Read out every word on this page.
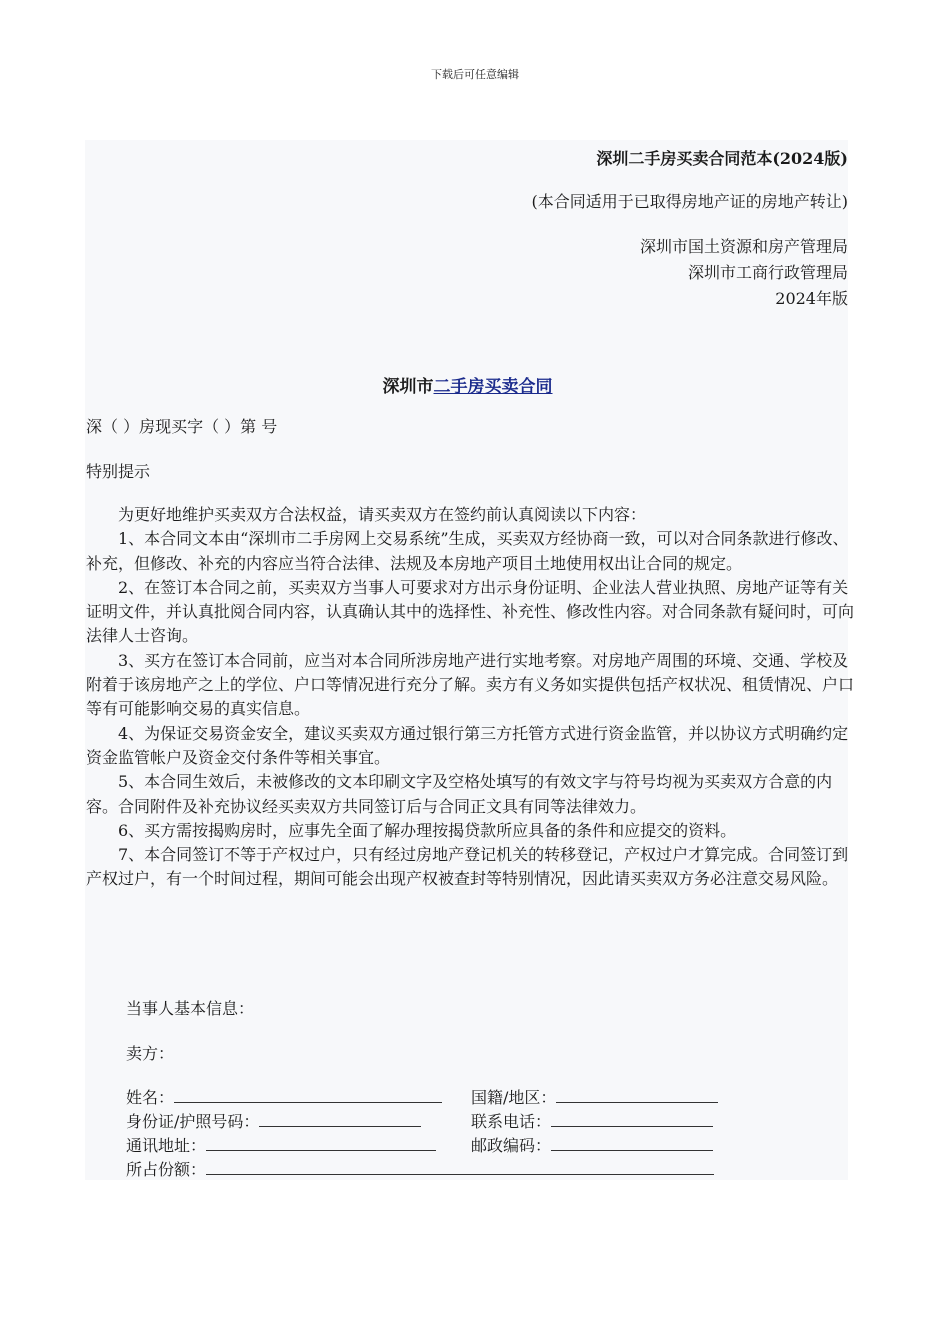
下载后可任意编辑
深圳二手房买卖合同范本(2024版)
(本合同适用于已取得房地产证的房地产转让)
深圳市国土资源和房产管理局
深圳市工商行政管理局
2024年版
深圳市二手房买卖合同
深（ ）房现买字（ ）第 号
特别提示

为更好地维护买卖双方合法权益，请买卖双方在签约前认真阅读以下内容：

1、本合同文本由“深圳市二手房网上交易系统”生成，买卖双方经协商一致，可以对合同条款进行修改、补充，但修改、补充的内容应当符合法律、法规及本房地产项目土地使用权出让合同的规定。

2、在签订本合同之前，买卖双方当事人可要求对方出示身份证明、企业法人营业执照、房地产证等有关证明文件，并认真批阅合同内容，认真确认其中的选择性、补充性、修改性内容。对合同条款有疑问时，可向法律人士咨询。

3、买方在签订本合同前，应当对本合同所涉房地产进行实地考察。对房地产周围的环境、交通、学校及附着于该房地产之上的学位、户口等情况进行充分了解。卖方有义务如实提供包括产权状况、租赁情况、户口等有可能影响交易的真实信息。

4、为保证交易资金安全，建议买卖双方通过银行第三方托管方式进行资金监管，并以协议方式明确约定资金监管帐户及资金交付条件等相关事宜。

5、本合同生效后，未被修改的文本印刷文字及空格处填写的有效文字与符号均视为买卖双方合意的内容。合同附件及补充协议经买卖双方共同签订后与合同正文具有同等法律效力。

6、买方需按揭购房时，应事先全面了解办理按揭贷款所应具备的条件和应提交的资料。

7、本合同签订不等于产权过户，只有经过房地产登记机关的转移登记，产权过户才算完成。合同签订到产权过户，有一个时间过程，期间可能会出现产权被查封等特别情况，因此请买卖双方务必注意交易风险。

当事人基本信息：
卖方：
姓名：	国籍/地区：
身份证/护照号码：	联系电话：
通讯地址：	邮政编码：
所占份额：
